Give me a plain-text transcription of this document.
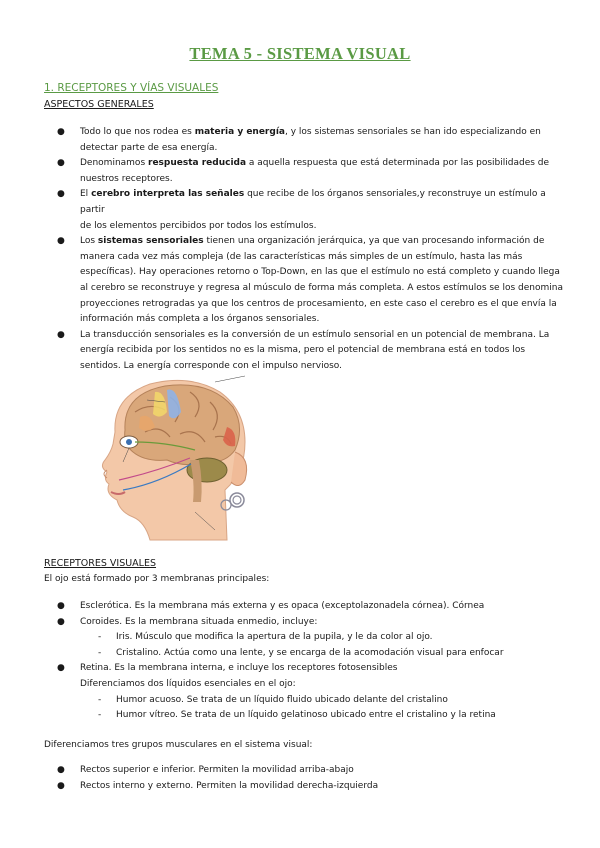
TEMA 5 - SISTEMA VISUAL
1. RECEPTORES Y VÍAS VISUALES
ASPECTOS GENERALES
● Todo lo que nos rodea es materia y energía, y los sistemas sensoriales se han ido especializando en
detectar parte de esa energía.
● Denominamos respuesta reducida a aquella respuesta que está determinada por las posibilidades de
nuestros receptores.
● El cerebro interpreta las señales que recibe de los órganos sensoriales,y reconstruye un estímulo a partir
de los elementos percibidos por todos los estímulos.
● Los sistemas sensoriales tienen una organización jerárquica, ya que van procesando información de
manera cada vez más compleja (de las características más simples de un estímulo, hasta las más
específicas). Hay operaciones retorno o Top-Down, en las que el estímulo no está completo y cuando llega
al cerebro se reconstruye y regresa al músculo de forma más completa. A estos estímulos se los denomina
proyecciones retrogradas ya que los centros de procesamiento, en este caso el cerebro es el que envía la
información más completa a los órganos sensoriales.
● La transducción sensoriales es la conversión de un estímulo sensorial en un potencial de membrana. La
energía recibida por los sentidos no es la misma, pero el potencial de membrana está en todos los
sentidos. La energía corresponde con el impulso nervioso.
RECEPTORES VISUALES
El ojo está formado por 3 membranas principales:
● Esclerótica. Es la membrana más externa y es opaca (exceptolazonadela córnea). Córnea
● Coroides. Es la membrana situada enmedio, incluye:
- Iris. Músculo que modifica la apertura de la pupila, y le da color al ojo.
- Cristalino. Actúa como una lente, y se encarga de la acomodación visual para enfocar
● Retina. Es la membrana interna, e incluye los receptores fotosensibles
Diferenciamos dos líquidos esenciales en el ojo:
- Humor acuoso. Se trata de un líquido fluido ubicado delante del cristalino
- Humor vítreo. Se trata de un líquido gelatinoso ubicado entre el cristalino y la retina
Diferenciamos tres grupos musculares en el sistema visual:
● Rectos superior e inferior. Permiten la movilidad arriba-abajo
● Rectos interno y externo. Permiten la movilidad derecha-izquierda
